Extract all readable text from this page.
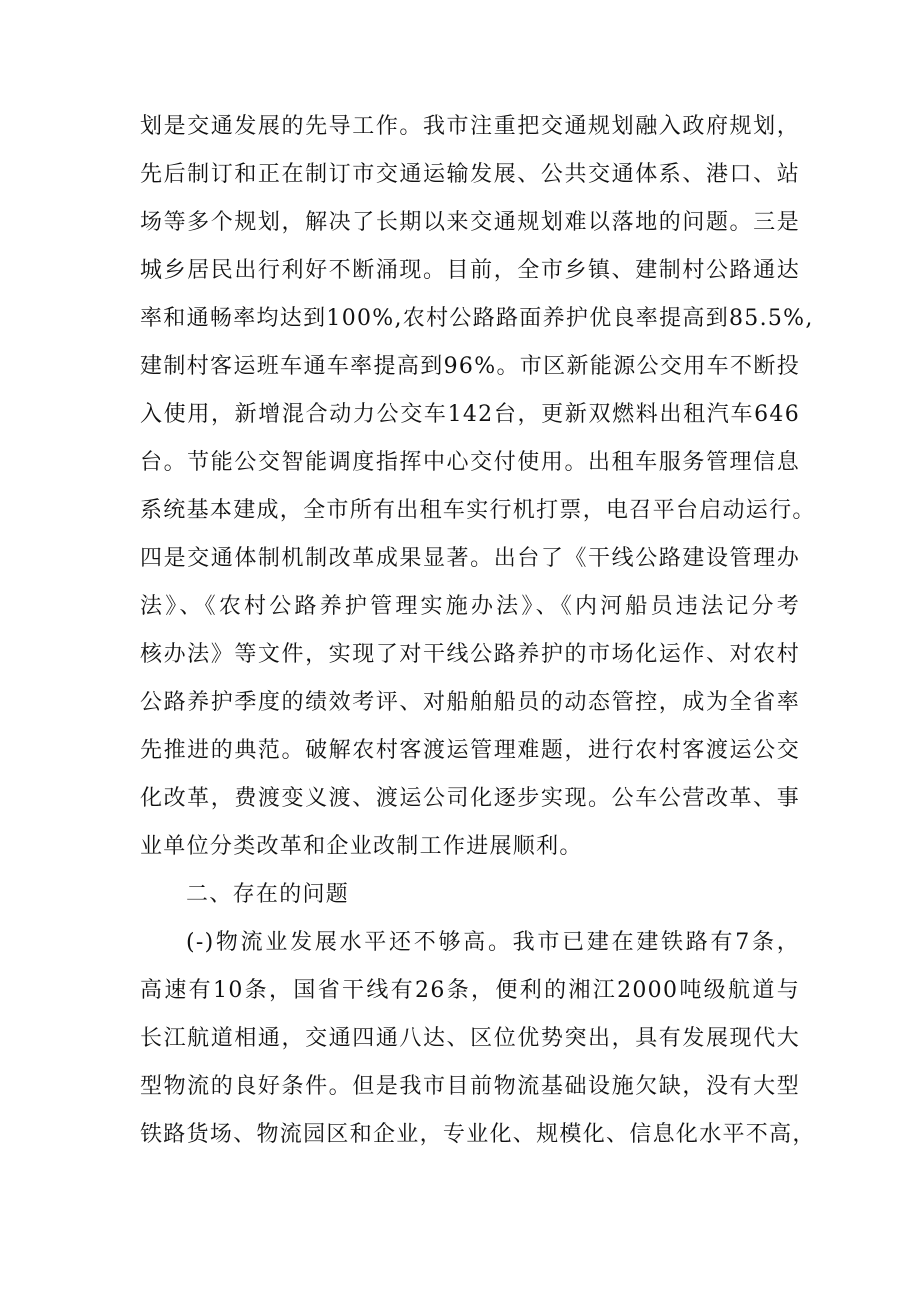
划是交通发展的先导工作。我市注重把交通规划融入政府规划，
先后制订和正在制订市交通运输发展、公共交通体系、港口、站
场等多个规划，解决了长期以来交通规划难以落地的问题。三是
城乡居民出行利好不断涌现。目前，全市乡镇、建制村公路通达
率和通畅率均达到100%,农村公路路面养护优良率提高到85.5%,
建制村客运班车通车率提高到96%。市区新能源公交用车不断投
入使用，新增混合动力公交车142台，更新双燃料出租汽车646
台。节能公交智能调度指挥中心交付使用。出租车服务管理信息
系统基本建成，全市所有出租车实行机打票，电召平台启动运行。
四是交通体制机制改革成果显著。出台了《干线公路建设管理办
法》、《农村公路养护管理实施办法》、《内河船员违法记分考
核办法》等文件，实现了对干线公路养护的市场化运作、对农村
公路养护季度的绩效考评、对船舶船员的动态管控，成为全省率
先推进的典范。破解农村客渡运管理难题，进行农村客渡运公交
化改革，费渡变义渡、渡运公司化逐步实现。公车公营改革、事
业单位分类改革和企业改制工作进展顺利。
二、存在的问题
(-)物流业发展水平还不够高。我市已建在建铁路有7条，
高速有10条，国省干线有26条，便利的湘江2000吨级航道与
长江航道相通，交通四通八达、区位优势突出，具有发展现代大
型物流的良好条件。但是我市目前物流基础设施欠缺，没有大型
铁路货场、物流园区和企业，专业化、规模化、信息化水平不高，
